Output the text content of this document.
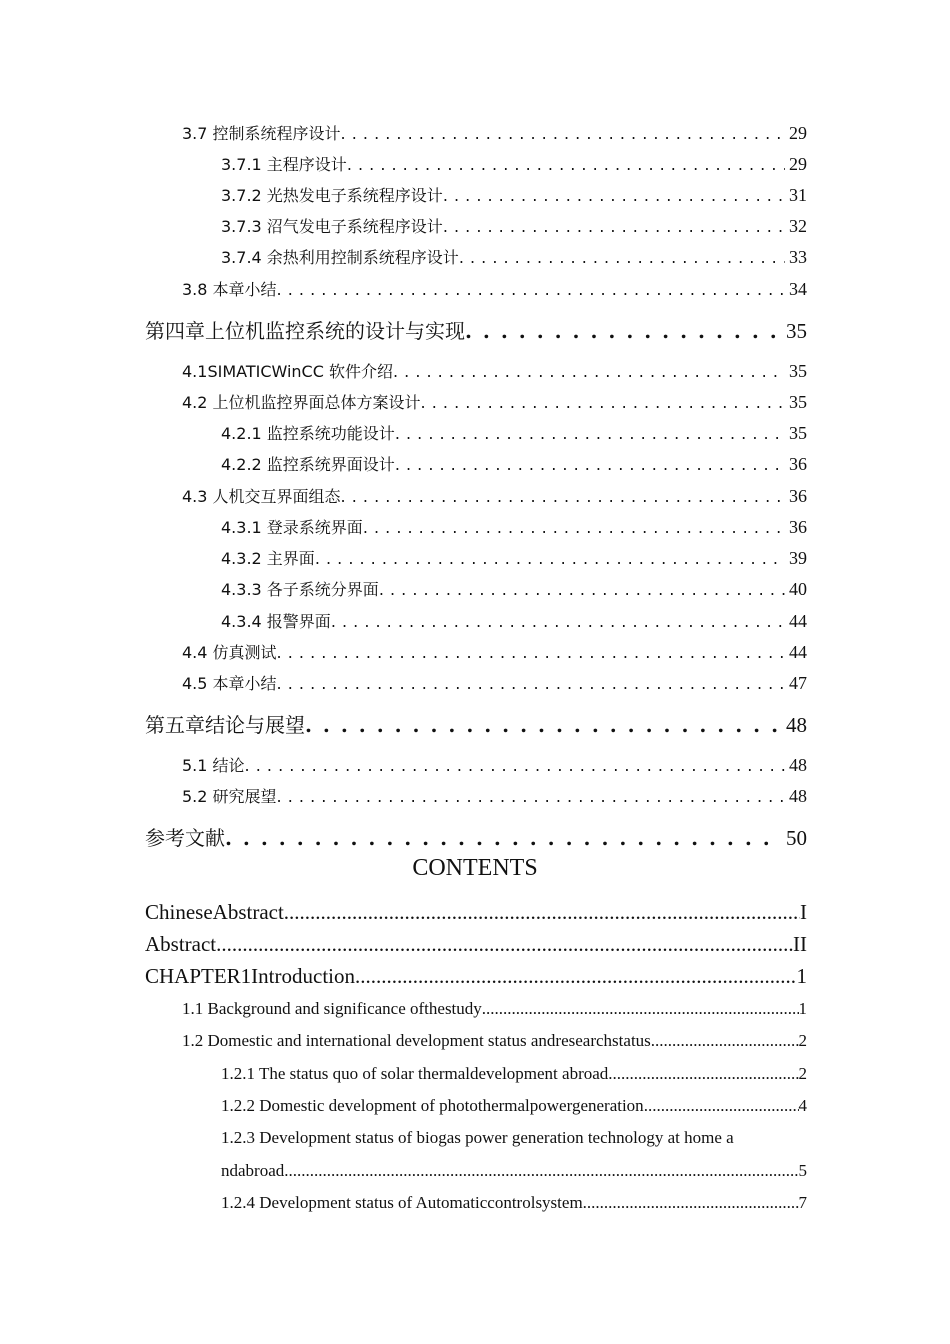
3.7 控制系统程序设计 . . .	29
3.7.1 主程序设计 . . .	29
3.7.2 光热发电子系统程序设计 . . .	31
3.7.3 沼气发电子系统程序设计 . . .	32
3.7.4 余热利用控制系统程序设计 . . .	33
3.8 本章小结 . . .	34
第四章上位机监控系统的设计与实现 . . .	35
4.1SIMATICWinCC 软件介绍 . . .	35
4.2 上位机监控界面总体方案设计 . . .	35
4.2.1 监控系统功能设计 . . .	35
4.2.2 监控系统界面设计 . . .	36
4.3 人机交互界面组态 . . .	36
4.3.1 登录系统界面 . . .	36
4.3.2 主界面 . . .	39
4.3.3 各子系统分界面 . . .	40
4.3.4 报警界面 . . .	44
4.4 仿真测试 . . .	44
4.5 本章小结 . . .	47
第五章结论与展望 . . .	48
5.1 结论 . . .	48
5.2 研究展望 . . .	48
参考文献 . . .	50
CONTENTS
ChineseAbstract .....	I
Abstract .....	II
CHAPTER1Introduction .....	1
1.1 Background and significance ofthestudy .....	1
1.2 Domestic and international development status andresearchstatus .....	2
1.2.1 The status quo of solar thermaldevelopment abroad .....	2
1.2.2 Domestic development of photothermalpowergeneration .....	4
1.2.3 Development status of biogas power generation technology at home a
ndabroad .....	5
1.2.4 Development status of Automaticcontrolsystem .....	7
